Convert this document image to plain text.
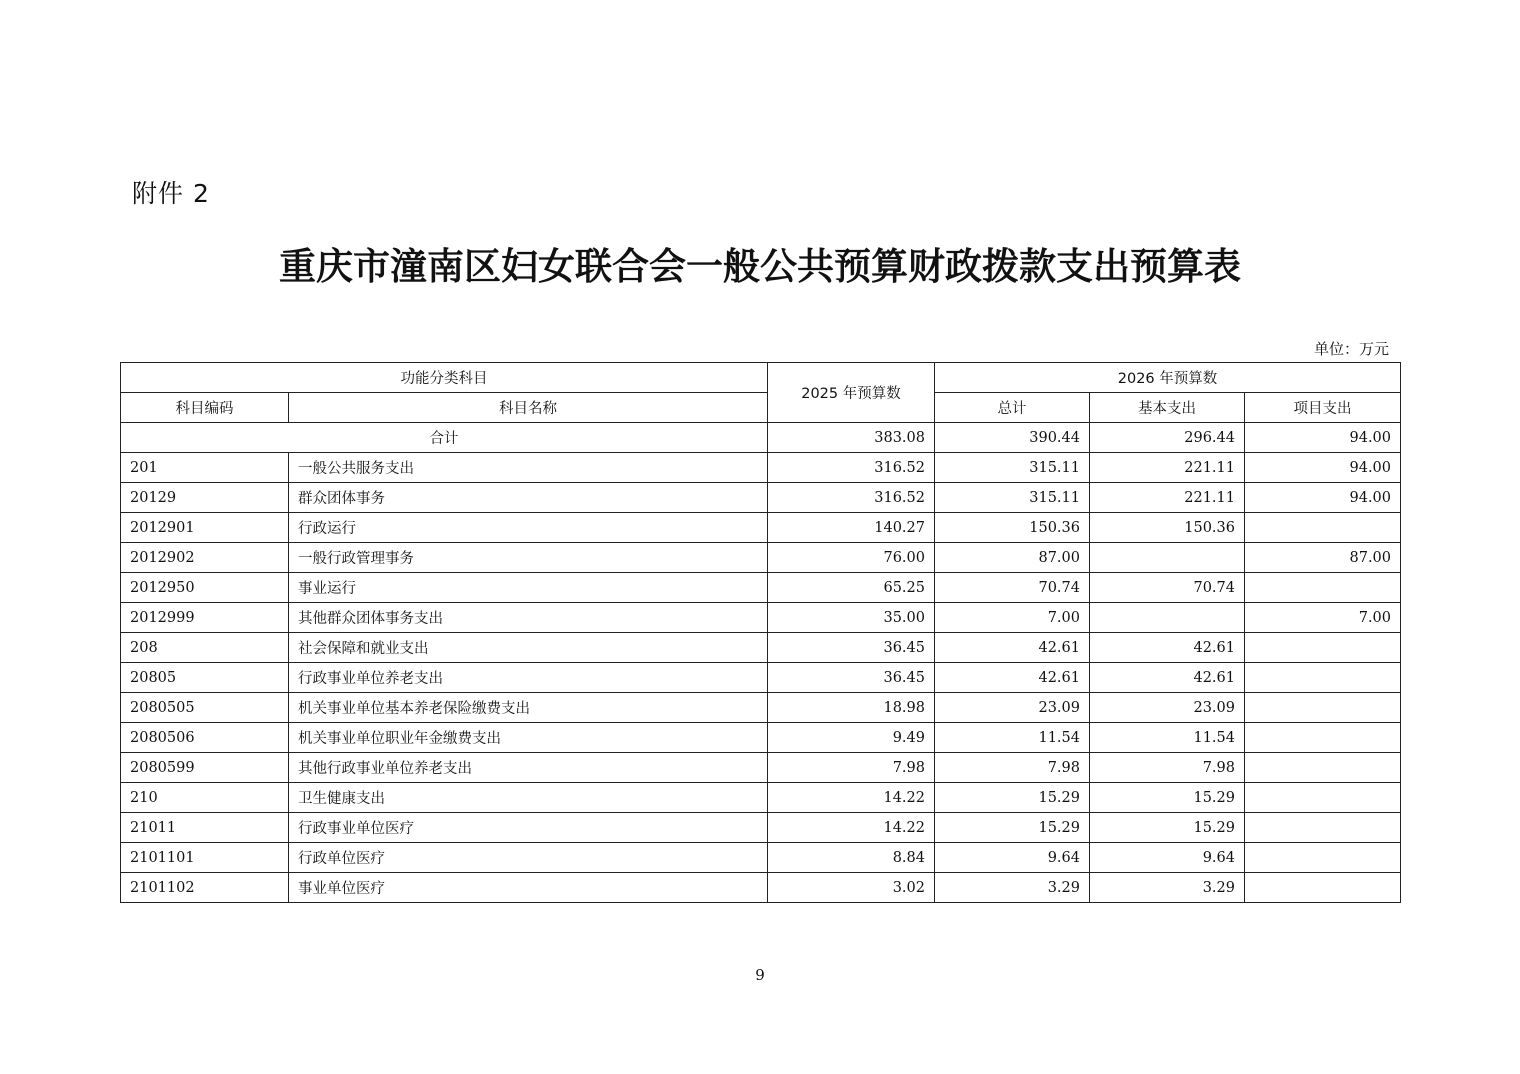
附件 2
重庆市潼南区妇女联合会一般公共预算财政拨款支出预算表
单位：万元
功能分类科目		2025 年预算数	2026 年预算数		
科目编码	科目名称		总计	基本支出	项目支出
合计		383.08	390.44	296.44	94.00
201	一般公共服务支出	316.52	315.11	221.11	94.00
20129	群众团体事务	316.52	315.11	221.11	94.00
2012901	行政运行	140.27	150.36	150.36	
2012902	一般行政管理事务	76.00	87.00		87.00
2012950	事业运行	65.25	70.74	70.74	
2012999	其他群众团体事务支出	35.00	7.00		7.00
208	社会保障和就业支出	36.45	42.61	42.61	
20805	行政事业单位养老支出	36.45	42.61	42.61	
2080505	机关事业单位基本养老保险缴费支出	18.98	23.09	23.09	
2080506	机关事业单位职业年金缴费支出	9.49	11.54	11.54	
2080599	其他行政事业单位养老支出	7.98	7.98	7.98	
210	卫生健康支出	14.22	15.29	15.29	
21011	行政事业单位医疗	14.22	15.29	15.29	
2101101	行政单位医疗	8.84	9.64	9.64	
2101102	事业单位医疗	3.02	3.29	3.29	
9
